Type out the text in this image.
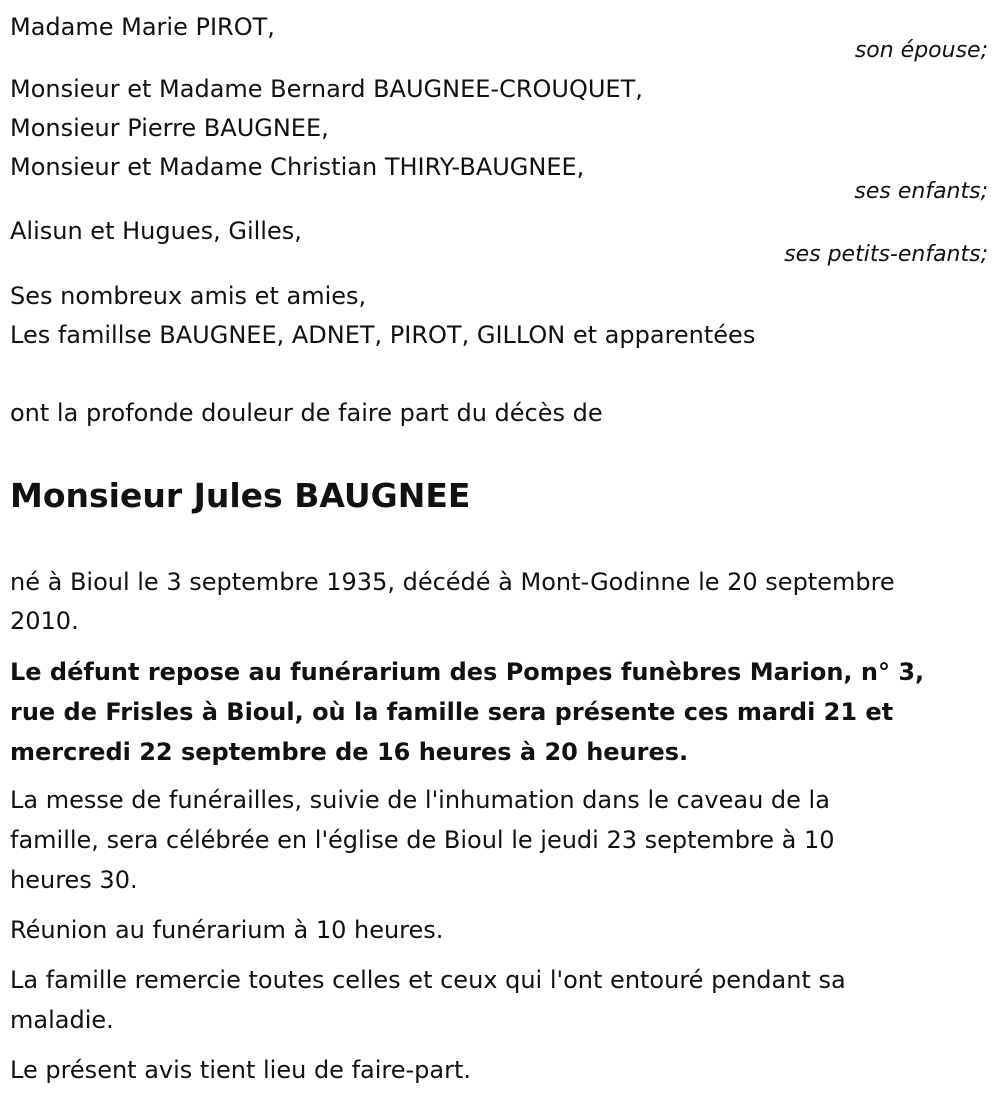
Madame Marie PIROT,
son épouse;
Monsieur et Madame Bernard BAUGNEE-CROUQUET,
Monsieur Pierre BAUGNEE,
Monsieur et Madame Christian THIRY-BAUGNEE,
ses enfants;
Alisun et Hugues, Gilles,
ses petits-enfants;
Ses nombreux amis et amies,
Les famillse BAUGNEE, ADNET, PIROT, GILLON et apparentées
ont la profonde douleur de faire part du décès de
Monsieur Jules BAUGNEE
né à Bioul le 3 septembre 1935, décédé à Mont-Godinne le 20 septembre
2010.
Le défunt repose au funérarium des Pompes funèbres Marion, n° 3,
rue de Frisles à Bioul, où la famille sera présente ces mardi 21 et
mercredi 22 septembre de 16 heures à 20 heures.
La messe de funérailles, suivie de l'inhumation dans le caveau de la
famille, sera célébrée en l'église de Bioul le jeudi 23 septembre à 10
heures 30.
Réunion au funérarium à 10 heures.
La famille remercie toutes celles et ceux qui l'ont entouré pendant sa
maladie.
Le présent avis tient lieu de faire-part.
